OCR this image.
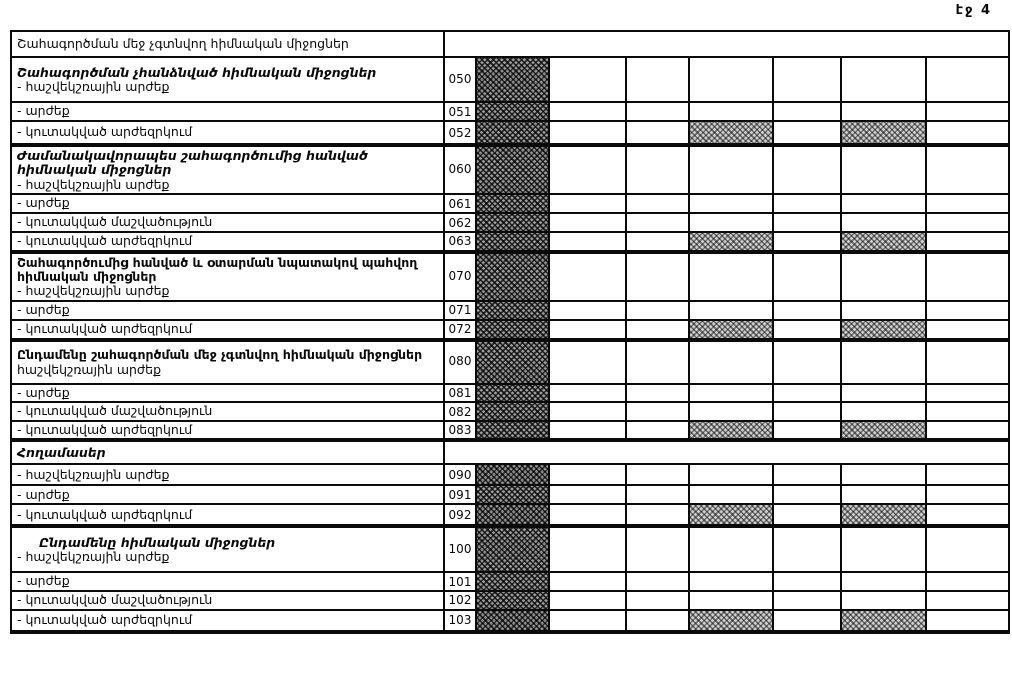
էջ 4
Շահագործման մեջ չգտնվող հիմնական միջոցներ								

Շահագործման չհանձնված հիմնական միջոցներ
- հաշվեկշռային արժեք	050							

- արժեք	051							

- կուտակված արժեզրկում	052							

Ժամանակավորապես շահագործումից հանված հիմնական միջոցներ
- հաշվեկշռային արժեք	060							

- արժեք	061							

- կուտակված մաշվածություն	062							

- կուտակված արժեզրկում	063							

Շահագործումից հանված և օտարման նպատակով պահվող հիմնական միջոցներ
- հաշվեկշռային արժեք	070							

- արժեք	071							

- կուտակված արժեզրկում	072							

Ընդամենը շահագործման մեջ չգտնվող հիմնական միջոցներ
հաշվեկշռային արժեք	080							

- արժեք	081							

- կուտակված մաշվածություն	082							

- կուտակված արժեզրկում	083							

Հողամասեր								

- հաշվեկշռային արժեք	090							

- արժեք	091							

- կուտակված արժեզրկում	092							

Ընդամենը հիմնական միջոցներ
- հաշվեկշռային արժեք	100							

- արժեք	101							

- կուտակված մաշվածություն	102							

- կուտակված արժեզրկում	103							
